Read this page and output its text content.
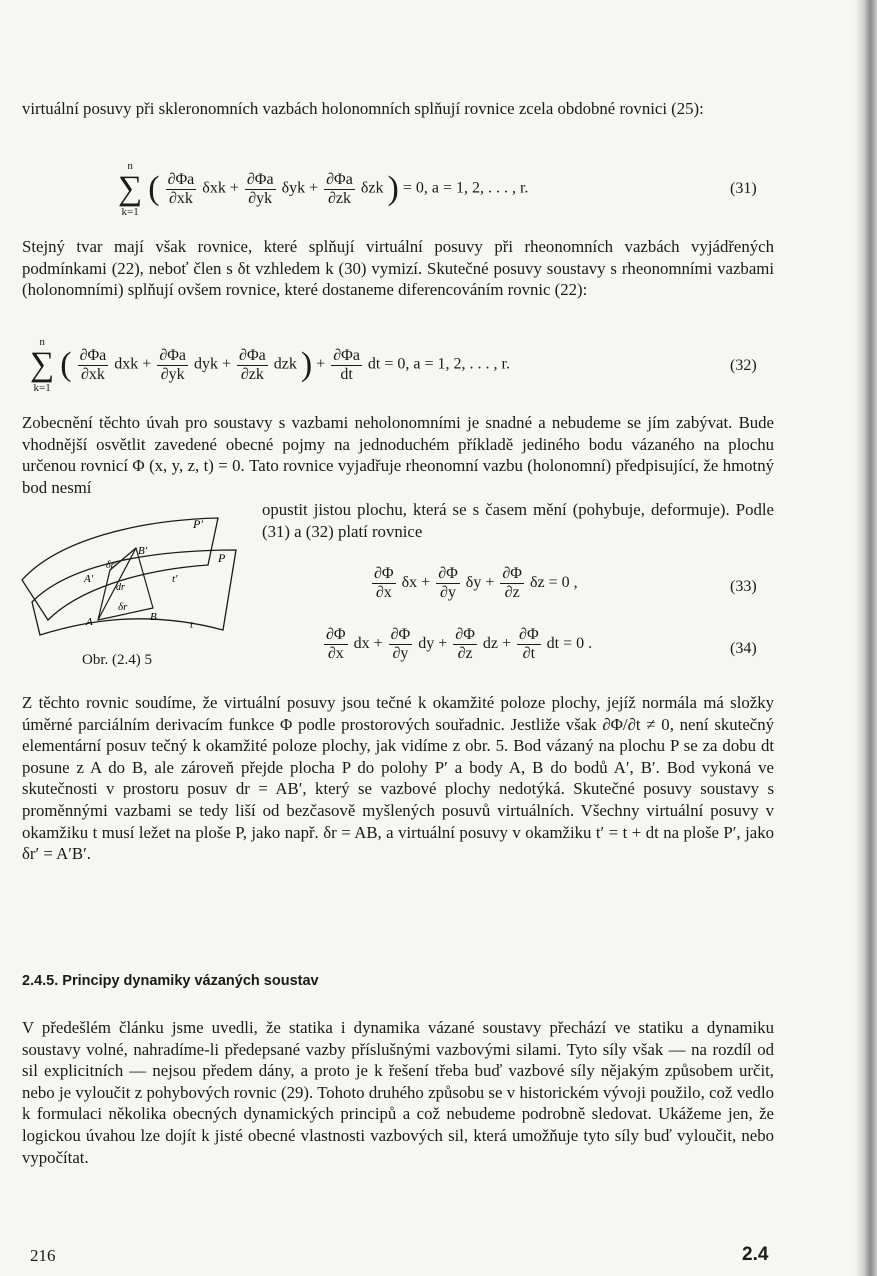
virtuální posuvy při skleronomních vazbách holonomních splňují rovnice zcela obdobné rovnici (25):

n
∑
k=1 ( $\frac{\partial\Phi a}{\partial xk}$ $\delta xk + \frac{\partial\Phi a}{\partial yk}$ $\delta yk + \frac{\partial\Phi a}{\partial zk}$ δzk ) = 0, a = 1, 2, . . . , r.	(31)

Stejný tvar mají však rovnice, které splňují virtuální posuvy při rheonomních vazbách vyjádřených podmínkami (22), neboť člen s δt vzhledem k (30) vymizí. Skutečné posuvy soustavy s rheonomními vazbami (holonomními) splňují ovšem rovnice, které dostaneme diferencováním rovnic (22):

n
∑
k=1 ( $\frac{\partial\Phi a}{\partial xk}$ dxk + $\frac{\partial\Phi a}{\partial yk}$ dyk + $\frac{\partial\Phi a}{\partial zk}$ dzk ) + $\frac{\partial\Phi a}{dt}$ dt = 0, a = 1, 2, . . . , r.	(32)

Zobecnění těchto úvah pro soustavy s vazbami neholonomními je snadné a nebudeme se jím zabývat. Bude vhodnější osvětlit zavedené obecné pojmy na jednoduchém příkladě jediného bodu vázaného na plochu určenou rovnicí Φ (x, y, z, t) = 0. Tato rovnice vyjadřuje rheonomní vazbu (holonomní) předpisující, že hmotný bod nesmí

opustit jistou plochu, která se s časem mění (pohybuje, deformuje). Podle (31) a (32) platí rovnice

P′
P
B′
A′	t′
δr′
dr
δr
A	B
t
Obr. (2.4) 5
$\frac{\partial\Phi}{\partial x}$ $\delta x + \frac{\partial\Phi}{\partial y}$ $\delta y + \frac{\partial\Phi}{\partial z}$ δz = 0 ,	(33)
$\frac{\partial\Phi}{\partial x}$ dx + $\frac{\partial\Phi}{\partial y}$ dy + $\frac{\partial\Phi}{\partial z}$ dz + $\frac{\partial\Phi}{\partial t}$ dt = 0 .	(34)

Z těchto rovnic soudíme, že virtuální posuvy jsou tečné k okamžité poloze plochy, jejíž normála má složky úměrné parciálním derivacím funkce Φ podle prostorových souřadnic. Jestliže však ∂Φ/∂t ≠ 0, není skutečný elementární posuv tečný k okamžité poloze plochy, jak vidíme z obr. 5. Bod vázaný na plochu P se za dobu dt posune z A do B, ale zároveň přejde plocha P do polohy P′ a body A, B do bodů A′, B′. Bod vykoná ve skutečnosti v prostoru posuv dr = AB′, který se vazbové plochy nedotýká. Skutečné posuvy soustavy s proměnnými vazbami se tedy liší od bezčasově myšlených posuvů virtuálních. Všechny virtuální posuvy v okamžiku t musí ležet na ploše P, jako např. δr = AB, a virtuální posuvy v okamžiku t′ = t + dt na ploše P′, jako δr′ = A′B′.

2.4.5. Principy dynamiky vázaných soustav

V předešlém článku jsme uvedli, že statika i dynamika vázané soustavy přechází ve statiku a dynamiku soustavy volné, nahradíme-li předepsané vazby příslušnými vazbovými silami. Tyto síly však — na rozdíl od sil explicitních — nejsou předem dány, a proto je k řešení třeba buď vazbové síly nějakým způsobem určit, nebo je vyloučit z pohybových rovnic (29). Tohoto druhého způsobu se v historickém vývoji použilo, což vedlo k formulaci několika obecných dynamických principů a což nebudeme podrobně sledovat. Ukážeme jen, že logickou úvahou lze dojít k jisté obecné vlastnosti vazbových sil, která umožňuje tyto síly buď vyloučit, nebo vypočítat.

216	2.4
